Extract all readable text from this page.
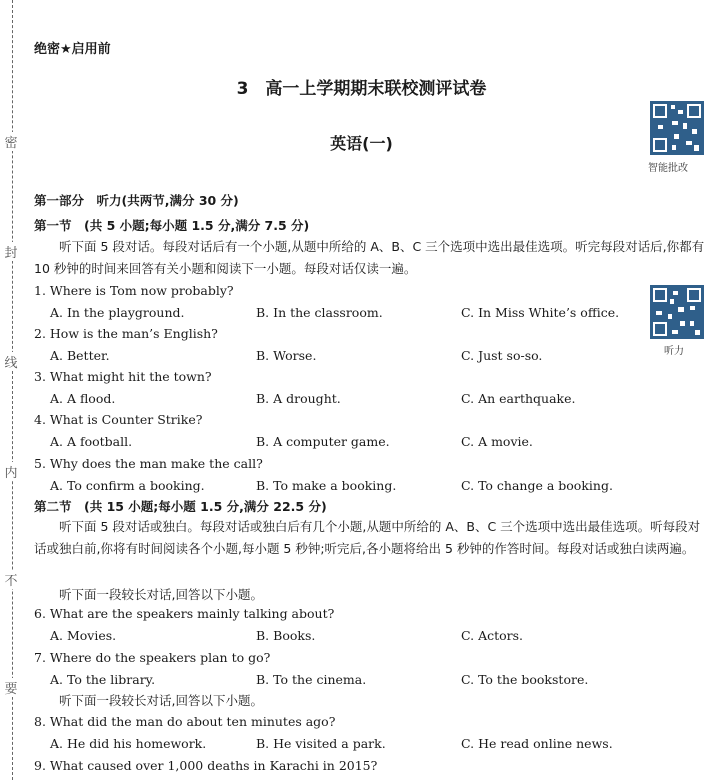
密
封
线
内
不
要
绝密★启用前
3　高一上学期期末联校测评试卷
英语(一)
智能批改
听力
第一部分　听力(共两节,满分 30 分)
第一节　(共 5 小题;每小题 1.5 分,满分 7.5 分)
听下面 5 段对话。每段对话后有一个小题,从题中所给的 A、B、C 三个选项中选出最佳选项。听完每段对话后,你都有 10 秒钟的时间来回答有关小题和阅读下一小题。每段对话仅读一遍。
1. Where is Tom now probably?
A. In the playground.	B. In the classroom.	C. In Miss White’s office.
2. How is the man’s English?
A. Better.	B. Worse.	C. Just so-so.
3. What might hit the town?
A. A flood.	B. A drought.	C. An earthquake.
4. What is Counter Strike?
A. A football.	B. A computer game.	C. A movie.
5. Why does the man make the call?
A. To confirm a booking.	B. To make a booking.	C. To change a booking.
第二节　(共 15 小题;每小题 1.5 分,满分 22.5 分)
听下面 5 段对话或独白。每段对话或独白后有几个小题,从题中所给的 A、B、C 三个选项中选出最佳选项。听每段对话或独白前,你将有时间阅读各个小题,每小题 5 秒钟;听完后,各小题将给出 5 秒钟的作答时间。每段对话或独白读两遍。
听下面一段较长对话,回答以下小题。
6. What are the speakers mainly talking about?
A. Movies.	B. Books.	C. Actors.
7. Where do the speakers plan to go?
A. To the library.	B. To the cinema.	C. To the bookstore.
听下面一段较长对话,回答以下小题。
8. What did the man do about ten minutes ago?
A. He did his homework.	B. He visited a park.	C. He read online news.
9. What caused over 1,000 deaths in Karachi in 2015?
